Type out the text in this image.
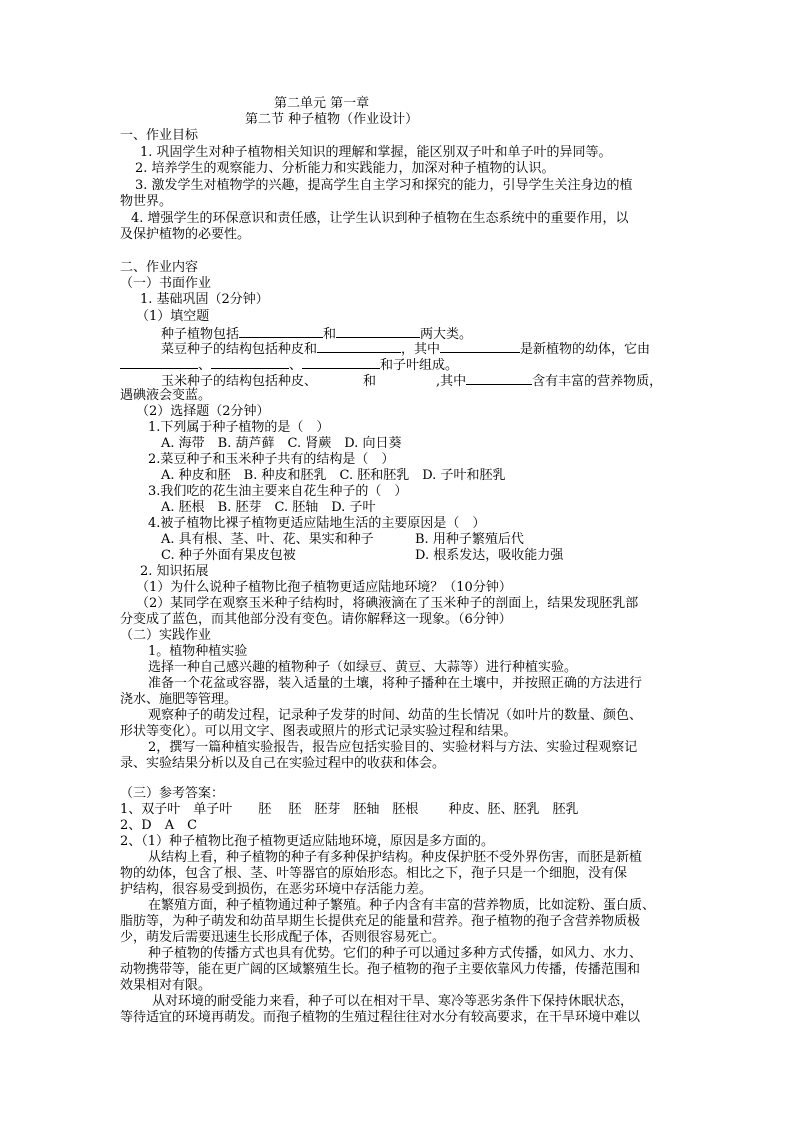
第二单元 第一章
第二节 种子植物（作业设计）
一、作业目标
1. 巩固学生对种子植物相关知识的理解和掌握，能区别双子叶和单子叶的异同等。
2. 培养学生的观察能力、分析能力和实践能力，加深对种子植物的认识。
3. 激发学生对植物学的兴趣，提高学生自主学习和探究的能力，引导学生关注身边的植
物世界。
4. 增强学生的环保意识和责任感，让学生认识到种子植物在生态系统中的重要作用，以
及保护植物的必要性。
二、作业内容
（一）书面作业
1. 基础巩固（2分钟）
（1）填空题
种子植物包括	和	两大类。
菜豆种子的结构包括种皮和	，其中	是新植物的幼体，它由
、	、	和子叶组成。
玉米种子的结构包括种皮、	和	,其中	含有丰富的营养物质，
遇碘液会变蓝。
（2）选择题（2分钟）
1.下列属于种子植物的是（　）
A. 海带　B. 葫芦藓　C. 肾蕨　D. 向日葵
2.菜豆种子和玉米种子共有的结构是（　）
A. 种皮和胚　B. 种皮和胚乳　C. 胚和胚乳　D. 子叶和胚乳
3.我们吃的花生油主要来自花生种子的（　）
A. 胚根　B. 胚芽　C. 胚轴　D. 子叶
4.被子植物比裸子植物更适应陆地生活的主要原因是（　）
A. 具有根、茎、叶、花、果实和种子	B. 用种子繁殖后代
C. 种子外面有果皮包被	D. 根系发达，吸收能力强
2. 知识拓展
（1）为什么说种子植物比孢子植物更适应陆地环境？（10分钟）
（2）某同学在观察玉米种子结构时，将碘液滴在了玉米种子的剖面上，结果发现胚乳部
分变成了蓝色，而其他部分没有变色。请你解释这一现象。（6分钟）
（二）实践作业
1。植物种植实验
选择一种自己感兴趣的植物种子（如绿豆、黄豆、大蒜等）进行种植实验。
准备一个花盆或容器，装入适量的土壤，将种子播种在土壤中，并按照正确的方法进行
浇水、施肥等管理。
观察种子的萌发过程，记录种子发芽的时间、幼苗的生长情况（如叶片的数量、颜色、
形状等变化）。可以用文字、图表或照片的形式记录实验过程和结果。
2，撰写一篇种植实验报告，报告应包括实验目的、实验材料与方法、实验过程观察记
录、实验结果分析以及自己在实验过程中的收获和体会。
（三）参考答案：
1、双子叶　单子叶　　胚　 胚　胚芽　胚轴　胚根　　 种皮、胚、胚乳　胚乳
2、D　A　C
2、（1）种子植物比孢子植物更适应陆地环境，原因是多方面的。
从结构上看，种子植物的种子有多种保护结构。种皮保护胚不受外界伤害，而胚是新植
物的幼体，包含了根、茎、叶等器官的原始形态。相比之下，孢子只是一个细胞，没有保
护结构，很容易受到损伤，在恶劣环境中存活能力差。
在繁殖方面，种子植物通过种子繁殖。种子内含有丰富的营养物质，比如淀粉、蛋白质、
脂肪等，为种子萌发和幼苗早期生长提供充足的能量和营养。孢子植物的孢子含营养物质极
少，萌发后需要迅速生长形成配子体，否则很容易死亡。
种子植物的传播方式也具有优势。它们的种子可以通过多种方式传播，如风力、水力、
动物携带等，能在更广阔的区域繁殖生长。孢子植物的孢子主要依靠风力传播，传播范围和
效果相对有限。
从对环境的耐受能力来看，种子可以在相对干旱、寒冷等恶劣条件下保持休眠状态，
等待适宜的环境再萌发。而孢子植物的生殖过程往往对水分有较高要求，在干旱环境中难以
